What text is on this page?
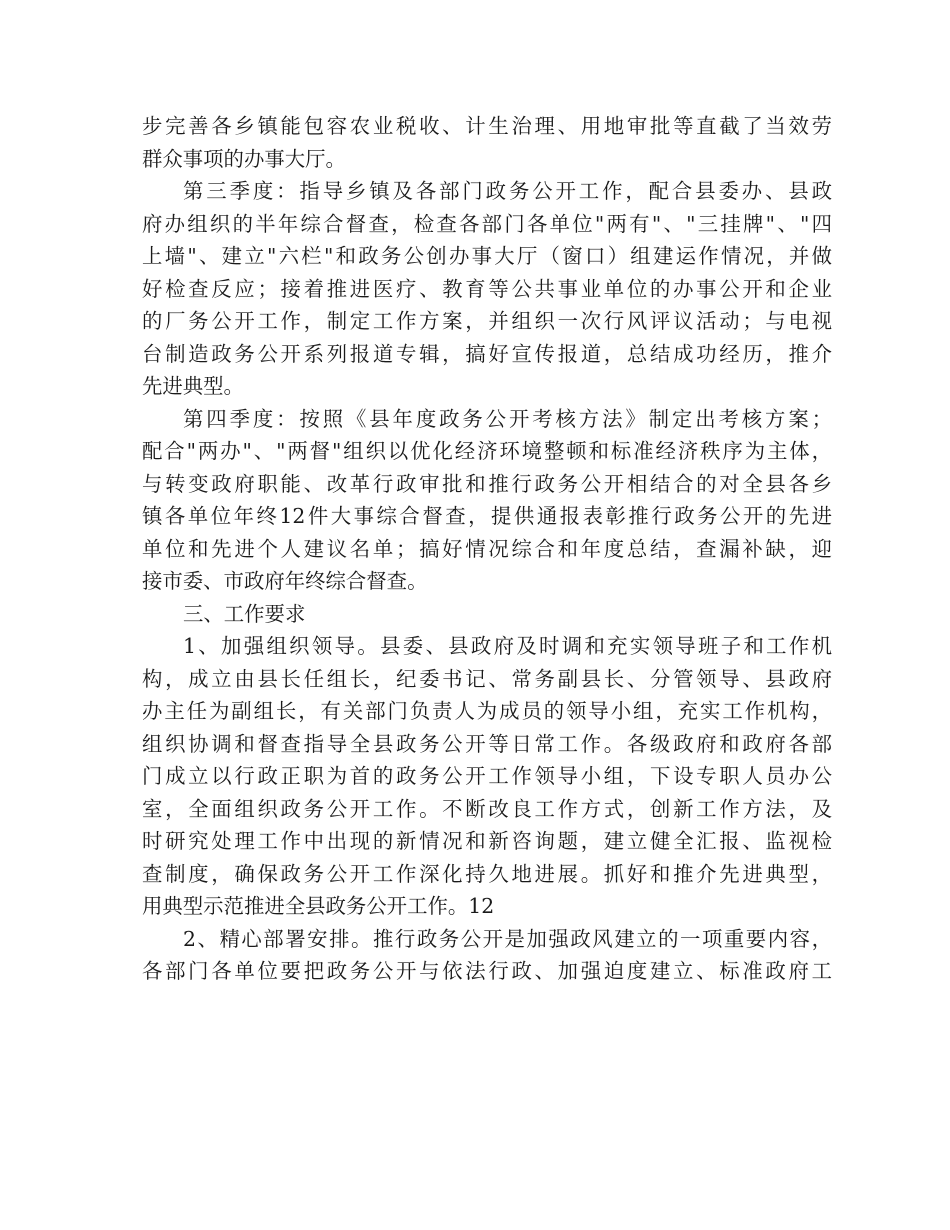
步完善各乡镇能包容农业税收、计生治理、用地审批等直截了当效劳
群众事项的办事大厅。
第三季度：指导乡镇及各部门政务公开工作，配合县委办、县政
府办组织的半年综合督查，检查各部门各单位"两有"、"三挂牌"、"四
上墙"、建立"六栏"和政务公创办事大厅（窗口）组建运作情况，并做
好检查反应；接着推进医疗、教育等公共事业单位的办事公开和企业
的厂务公开工作，制定工作方案，并组织一次行风评议活动；与电视
台制造政务公开系列报道专辑，搞好宣传报道，总结成功经历，推介
先进典型。
第四季度：按照《县年度政务公开考核方法》制定出考核方案；
配合"两办"、"两督"组织以优化经济环境整顿和标准经济秩序为主体，
与转变政府职能、改革行政审批和推行政务公开相结合的对全县各乡
镇各单位年终12件大事综合督查，提供通报表彰推行政务公开的先进
单位和先进个人建议名单；搞好情况综合和年度总结，查漏补缺，迎
接市委、市政府年终综合督查。
三、工作要求
1、加强组织领导。县委、县政府及时调和充实领导班子和工作机
构，成立由县长任组长，纪委书记、常务副县长、分管领导、县政府
办主任为副组长，有关部门负责人为成员的领导小组，充实工作机构，
组织协调和督查指导全县政务公开等日常工作。各级政府和政府各部
门成立以行政正职为首的政务公开工作领导小组，下设专职人员办公
室，全面组织政务公开工作。不断改良工作方式，创新工作方法，及
时研究处理工作中出现的新情况和新咨询题，建立健全汇报、监视检
查制度，确保政务公开工作深化持久地进展。抓好和推介先进典型，
用典型示范推进全县政务公开工作。12
2、精心部署安排。推行政务公开是加强政风建立的一项重要内容，
各部门各单位要把政务公开与依法行政、加强迫度建立、标准政府工
